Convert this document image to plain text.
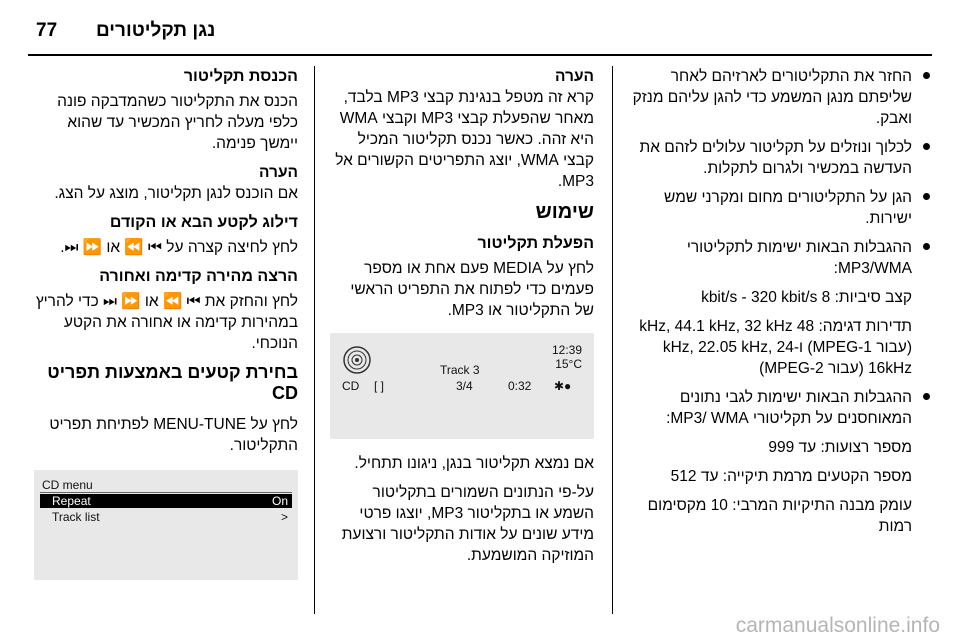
77 נגן תקליטורים
החזר את התקליטורים לארזיהם לאחר שליפתם מנגן המשמע כדי להגן עליהם מנזק ואבק.
לכלוך ונוזלים על תקליטור עלולים לזהם את העדשה במכשיר ולגרום לתקלות.
הגן על התקליטורים מחום ומקרני שמש ישירות.
ההגבלות הבאות ישימות לתקליטורי MP3/WMA:
קצב סיביות: 8 kbit/s - 320 kbit/s
תדירות דגימה: 48 kHz, 44.1 kHz, 32 kHz (עבור MPEG-1) ו-24 kHz, 22.05 kHz, 16kHz (עבור MPEG-2)
ההגבלות הבאות ישימות לגבי נתונים המאוחסנים על תקליטורי MP3/ WMA:
מספר רצועות: עד 999
מספר הקטעים מרמת תיקייה: עד 512
עומק מבנה התיקיות המרבי: 10 מקסימום רמות
הערה

קרא זה מטפל בנגינת קבצי MP3 בלבד, מאחר שהפעלת קבצי MP3 וקבצי WMA היא זהה. כאשר נכנס תקליטור המכיל קבצי WMA, יוצג התפריטים הקשורים אל MP3.

שימוש
הפעלת תקליטור

לחץ על MEDIA פעם אחת או מספר פעמים כדי לפתוח את התפריט הראשי של התקליטור או MP3.

12:39
15°C
Track 3
CD [ ]	3/4	0:32 ✱●

אם נמצא תקליטור בנגן, ניגונו תתחיל.

על-פי הנתונים השמורים בתקליטור השמע או בתקליטור MP3, יוצגו פרטי מידע שונים על אודות התקליטור ורצועת המוזיקה המושמעת.

הכנסת תקליטור

הכנס את התקליטור כשהמדבקה פונה כלפי מעלה לחריץ המכשיר עד שהוא יימשך פנימה.

הערה

אם הוכנס לנגן תקליטור, מוצג על הצג.

דילוג לקטע הבא או הקודם

לחץ לחיצה קצרה על ⏮ ⏪ או ⏩ ⏭.

הרצה מהירה קדימה ואחורה

לחץ והחזק את ⏮ ⏪ או ⏩ ⏭ כדי להריץ במהירות קדימה או אחורה את הקטע הנוכחי.

בחירת קטעים באמצעות תפריט CD

לחץ על MENU-TUNE לפתיחת תפריט התקליטור.

CD menu
Repeat	On
Track list	>
carmanualsonline.info
